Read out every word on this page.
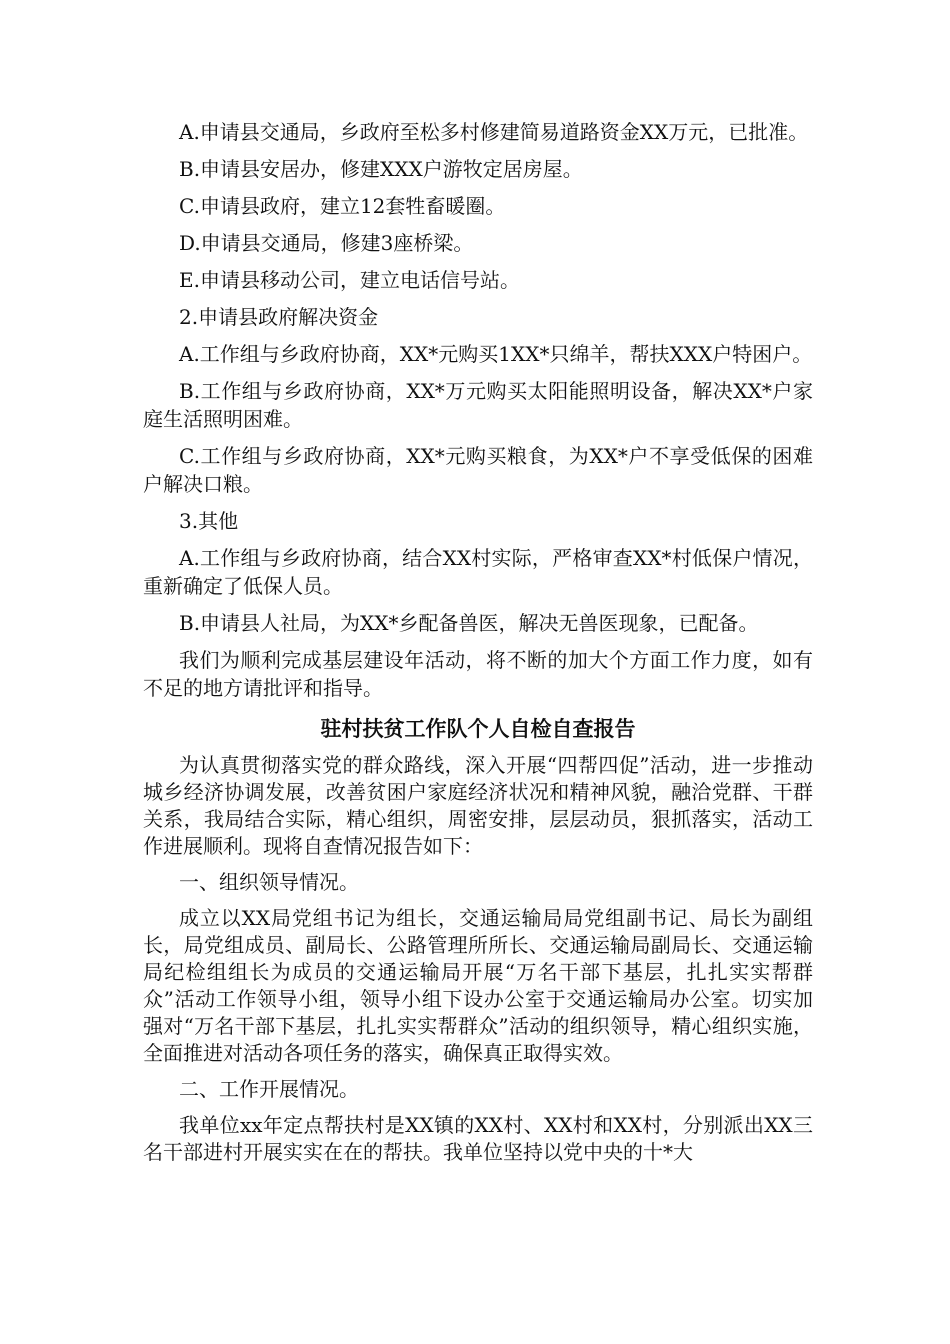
A.申请县交通局，乡政府至松多村修建简易道路资金XX万元，已批准。

B.申请县安居办，修建XXX户游牧定居房屋。

C.申请县政府，建立12套牲畜暖圈。

D.申请县交通局，修建3座桥梁。

E.申请县移动公司，建立电话信号站。

2.申请县政府解决资金

A.工作组与乡政府协商，XX*元购买1XX*只绵羊，帮扶XXX户特困户。

B.工作组与乡政府协商，XX*万元购买太阳能照明设备，解决XX*户家庭生活照明困难。

C.工作组与乡政府协商，XX*元购买粮食，为XX*户不享受低保的困难户解决口粮。

3.其他

A.工作组与乡政府协商，结合XX村实际，严格审查XX*村低保户情况，重新确定了低保人员。

B.申请县人社局，为XX*乡配备兽医，解决无兽医现象，已配备。

我们为顺利完成基层建设年活动，将不断的加大个方面工作力度，如有不足的地方请批评和指导。

驻村扶贫工作队个人自检自查报告

为认真贯彻落实党的群众路线，深入开展“四帮四促”活动，进一步推动城乡经济协调发展，改善贫困户家庭经济状况和精神风貌，融洽党群、干群关系，我局结合实际，精心组织，周密安排，层层动员，狠抓落实，活动工作进展顺利。现将自查情况报告如下：

一、组织领导情况。

成立以XX局党组书记为组长，交通运输局局党组副书记、局长为副组长，局党组成员、副局长、公路管理所所长、交通运输局副局长、交通运输局纪检组组长为成员的交通运输局开展“万名干部下基层，扎扎实实帮群众”活动工作领导小组，领导小组下设办公室于交通运输局办公室。切实加强对“万名干部下基层，扎扎实实帮群众”活动的组织领导，精心组织实施，全面推进对活动各项任务的落实，确保真正取得实效。

二、工作开展情况。

我单位xx年定点帮扶村是XX镇的XX村、XX村和XX村，分别派出XX三名干部进村开展实实在在的帮扶。我单位坚持以党中央的十*大
